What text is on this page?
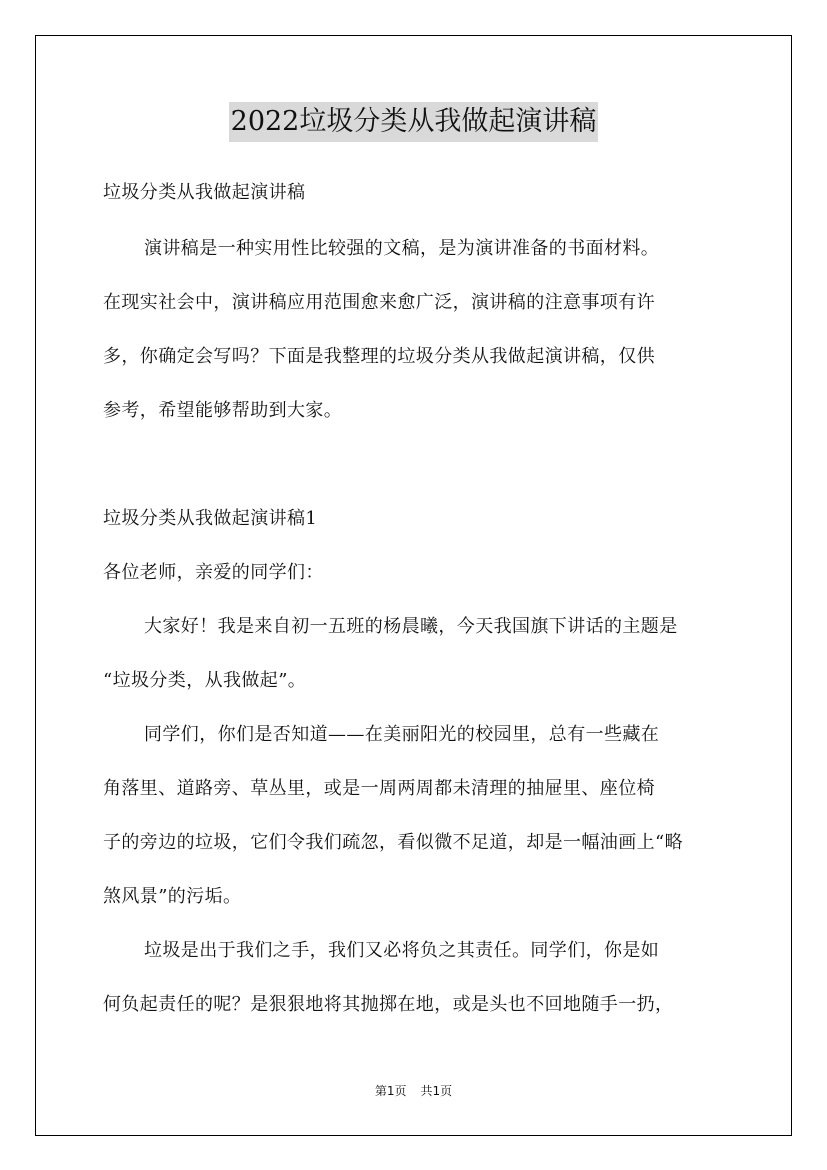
2022垃圾分类从我做起演讲稿
垃圾分类从我做起演讲稿
演讲稿是一种实用性比较强的文稿，是为演讲准备的书面材料。
在现实社会中，演讲稿应用范围愈来愈广泛，演讲稿的注意事项有许
多，你确定会写吗？下面是我整理的垃圾分类从我做起演讲稿，仅供
参考，希望能够帮助到大家。
垃圾分类从我做起演讲稿1
各位老师，亲爱的同学们：
大家好！我是来自初一五班的杨晨曦，今天我国旗下讲话的主题是
“垃圾分类，从我做起”。
同学们，你们是否知道——在美丽阳光的校园里，总有一些藏在
角落里、道路旁、草丛里，或是一周两周都未清理的抽屉里、座位椅
子的旁边的垃圾，它们令我们疏忽，看似微不足道，却是一幅油画上“略
煞风景”的污垢。
垃圾是出于我们之手，我们又必将负之其责任。同学们，你是如
何负起责任的呢？是狠狠地将其抛掷在地，或是头也不回地随手一扔，
第1页 共1页
